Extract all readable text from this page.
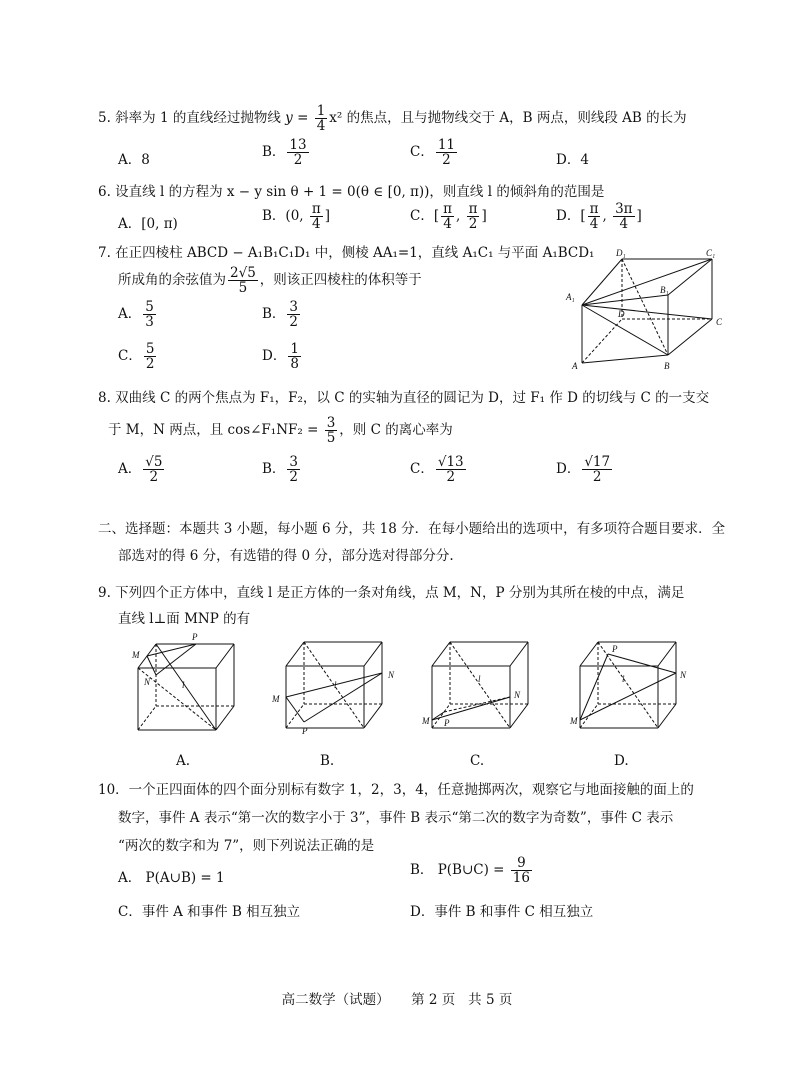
5. 斜率为 1 的直线经过抛物线 $y = \frac{1}{4} x^2$ 的焦点，且与抛物线交于 A，B 两点，则线段 AB 的长为
A．8	B． $\frac{13}{2}$	C． $\frac{11}{2}$	D．4
6. 设直线 l 的方程为 x − y sin θ + 1 = 0(θ ∈ [0, π))，则直线 l 的倾斜角的范围是
A．[0, π)	B．(0, $\frac{\pi}{4}$ ]	C．[ $\frac{\pi}{4}$ , $\frac{\pi}{2}$ ]	D．[ $\frac{\pi}{4}$ , $\frac{3\pi}{4}$ ]
7. 在正四棱柱 ABCD − A₁B₁C₁D₁ 中，侧棱 AA₁=1，直线 A₁C₁ 与平面 A₁BCD₁
所成角的余弦值为 $\frac{2√5}{5}$ ，则该正四棱柱的体积等于
A． $\frac{5}{3}$	B． $\frac{3}{2}$
C． $\frac{5}{2}$	D． $\frac{1}{8}$
D₁	C₁
A₁
B₁
D
C
A	B
8. 双曲线 C 的两个焦点为 F₁，F₂，以 C 的实轴为直径的圆记为 D，过 F₁ 作 D 的切线与 C 的一支交
于 M，N 两点，且 cos∠F₁NF₂ = $\frac{3}{5}$ ，则 C 的离心率为
A． $\frac{√5}{2}$	B． $\frac{3}{2}$	C． $\frac{√13}{2}$	D． $\frac{√17}{2}$
二、选择题：本题共 3 小题，每小题 6 分，共 18 分．在每小题给出的选项中，有多项符合题目要求．全
部选对的得 6 分，有选错的得 0 分，部分选对得部分分.
9. 下列四个正方体中，直线 l 是正方体的一条对角线，点 M，N，P 分别为其所在棱的中点，满足
直线 l⊥面 MNP 的有
M
P
N	l
A.
M
N
P
l
B.
M
N
P
l
C.
M
N
P
l
D.
10．一个正四面体的四个面分别标有数字 1，2，3，4，任意抛掷两次，观察它与地面接触的面上的
数字，事件 A 表示“第一次的数字小于 3”，事件 B 表示“第二次的数字为奇数”，事件 C 表示
“两次的数字和为 7”，则下列说法正确的是
A． P(A∪B) = 1	B． P(B∪C) = $\frac{9}{16}$
C．事件 A 和事件 B 相互独立	D．事件 B 和事件 C 相互独立
高二数学（试题）     第 2 页   共 5 页
